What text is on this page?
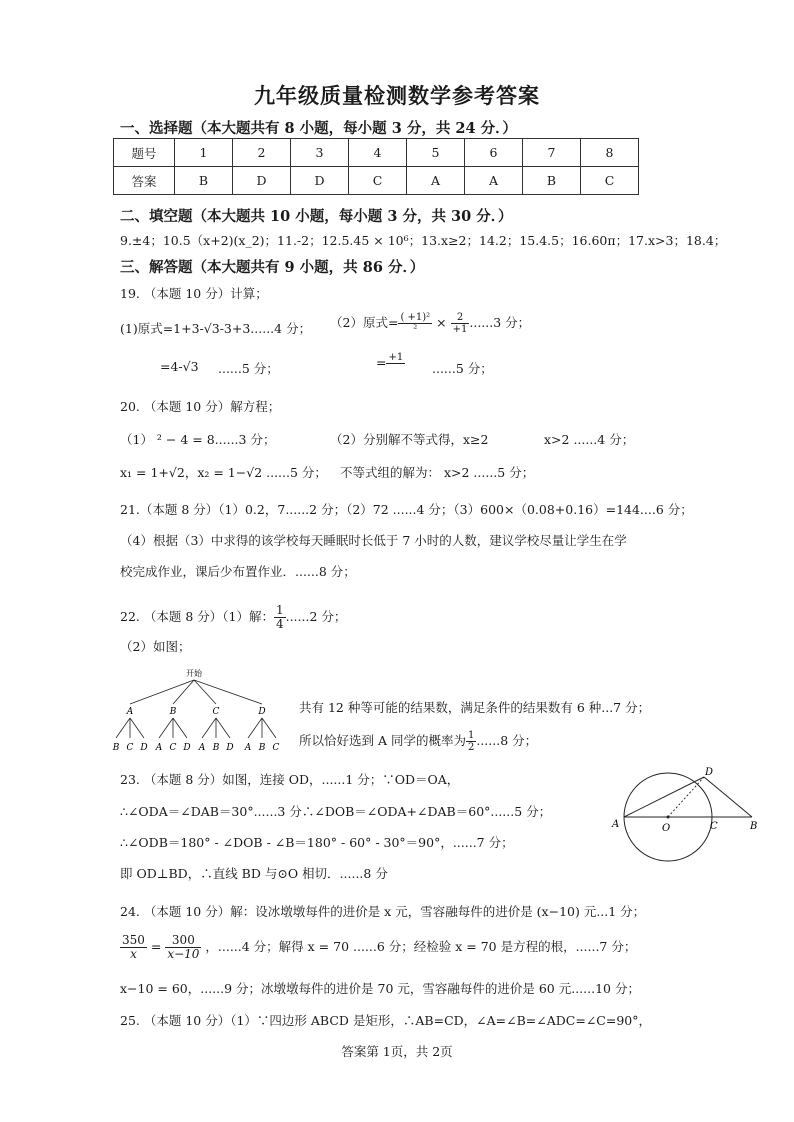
九年级质量检测数学参考答案
一、选择题（本大题共有 8 小题，每小题 3 分，共 24 分．）
题号	1	2	3	4	5	6	7	8
答案	B	D	D	C	A	A	B	C
二、填空题（本大题共 10 小题，每小题 3 分，共 30 分．）
9.±4；10.5（x+2)(x_2)；11.-2；12.5.45 × 10⁶；13.x≥2；14.2；15.4.5；16.60π；17.x>3；18.4；
三、解答题（本大题共有 9 小题，共 86 分．）
19. （本题 10 分）计算；
(1)原式=1+3-√3-3+3......4 分； （2）原式= $\frac{\text{( +1)²}}{\text{²}} \times \frac{2}{+1} ......3$ 分；
=4-√3 ......5 分；	= +1

......5 分；
20. （本题 10 分）解方程；
（1） ² − 4 = 8......3 分；	（2）分别解不等式得，x≥2	x>2 ......4 分；
x₁ = 1+√2，x₂ = 1−√2 ......5 分； 不等式组的解为： x>2 ......5 分；
21.（本题 8 分）（1）0.2，7......2 分；（2）72 ......4 分；（3）600×（0.08+0.16）=144....6 分；
（4）根据（3）中求得的该学校每天睡眠时长低于 7 小时的人数，建议学校尽量让学生在学
校完成作业，课后少布置作业．......8 分；
22. （本题 8 分）（1）解： $\frac{1}{4} ......2$ 分；
（2）如图；
开始
A	B	C	D
B C D A C D A B D A B C
共有 12 种等可能的结果数，满足条件的结果数有 6 种...7 分；
所以恰好选到 A 同学的概率为 $\frac{1}{2} ......8$ 分；
23. （本题 8 分）如图，连接 OD，......1 分；∵OD＝OA，
∴∠ODA＝∠DAB＝30°......3 分∴∠DOB＝∠ODA+∠DAB＝60°......5 分；
∴∠ODB＝180° - ∠DOB - ∠B＝180° - 60° - 30°＝90°，......7 分；
即 OD⊥BD，∴直线 BD 与⊙O 相切．......8 分
A	O	C	B
D
24. （本题 10 分）解：设冰墩墩每件的进价是 x 元，雪容融每件的进价是 (x−10) 元...1 分；
$\frac{350}{x} = \frac{300}{x-10}$ ，......4 分；解得 x = 70 ......6 分；经检验 x = 70 是方程的根，......7 分；
x−10 = 60，......9 分；冰墩墩每件的进价是 70 元，雪容融每件的进价是 60 元......10 分；
25. （本题 10 分）（1）∵四边形 ABCD 是矩形，∴AB=CD，∠A=∠B=∠ADC=∠C=90°，
答案第 1页，共 2页
